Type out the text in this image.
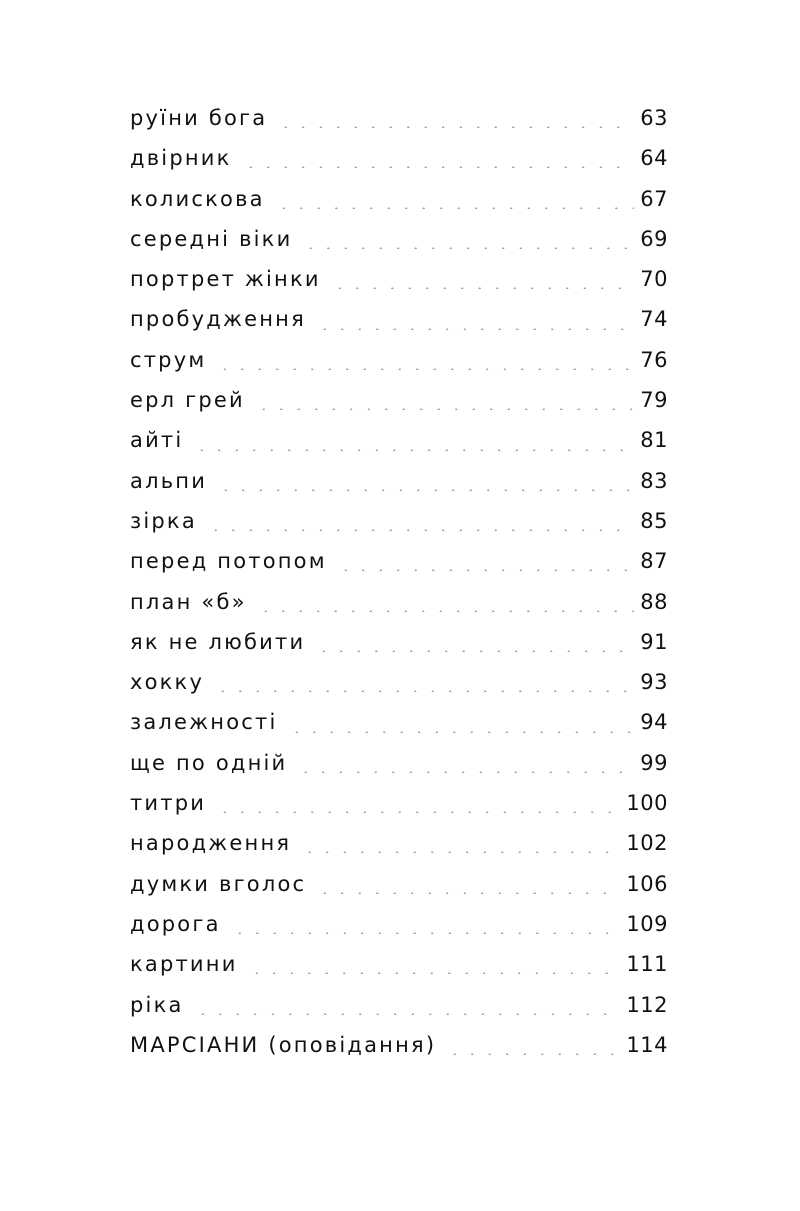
руїни бога	63
двірник	64
колискова	67
середні віки	69
портрет жінки	70
пробудження	74
струм	76
ерл грей	79
айті	81
альпи	83
зірка	85
перед потопом	87
план «б»	88
як не любити	91
хокку	93
залежності	94
ще по одній	99
титри	100
народження	102
думки вголос	106
дорога	109
картини	111
ріка	112
МАРСІАНИ (оповідання)	114
